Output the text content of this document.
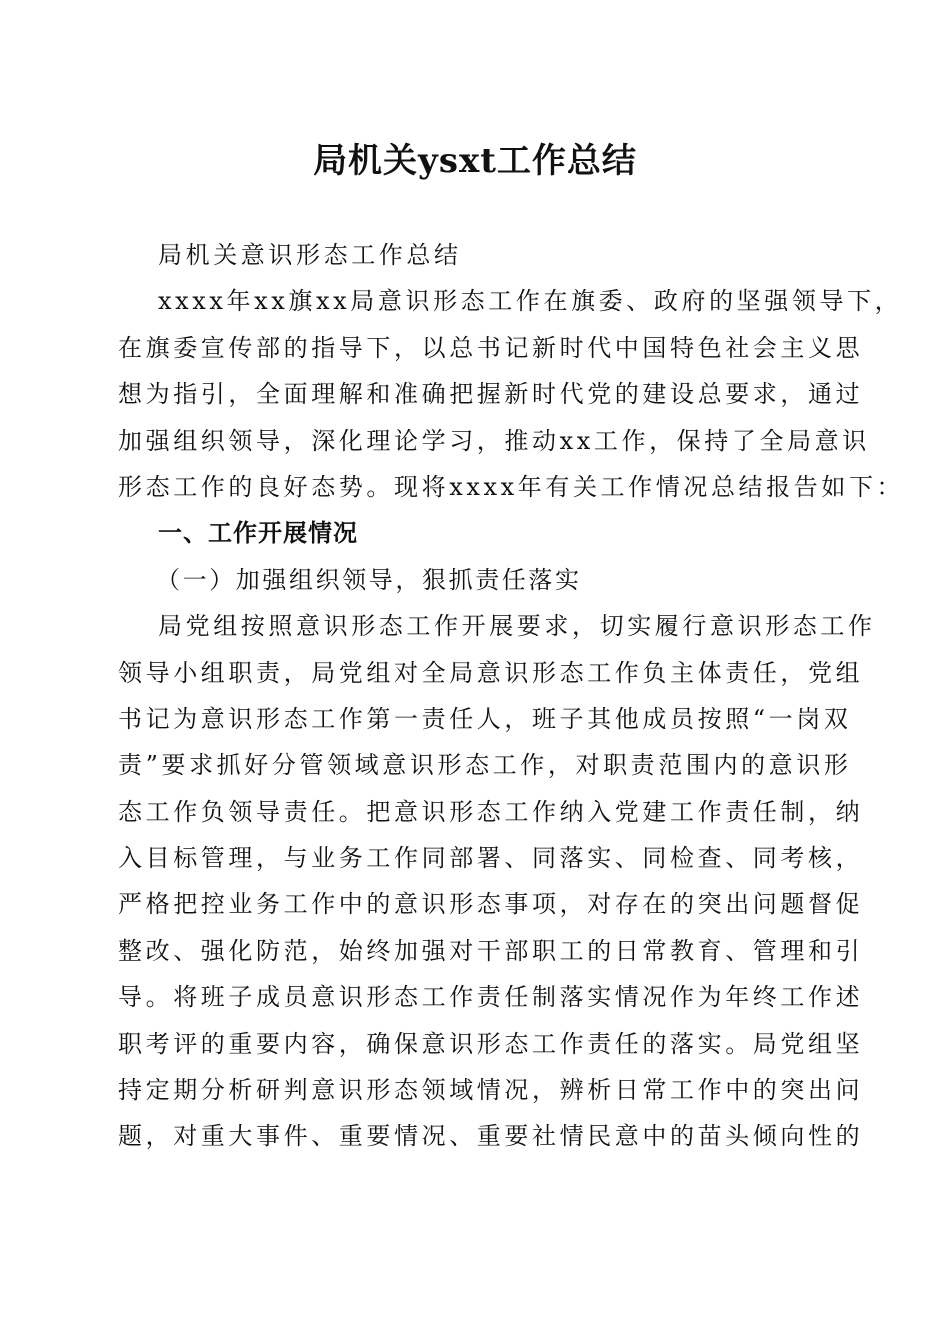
局机关ysxt工作总结
局机关意识形态工作总结
xxxx年xx旗xx局意识形态工作在旗委、政府的坚强领导下，
在旗委宣传部的指导下，以总书记新时代中国特色社会主义思
想为指引，全面理解和准确把握新时代党的建设总要求，通过
加强组织领导，深化理论学习，推动xx工作，保持了全局意识
形态工作的良好态势。现将xxxx年有关工作情况总结报告如下：
一、工作开展情况
（一）加强组织领导，狠抓责任落实
局党组按照意识形态工作开展要求，切实履行意识形态工作
领导小组职责，局党组对全局意识形态工作负主体责任，党组
书记为意识形态工作第一责任人，班子其他成员按照“一岗双
责”要求抓好分管领域意识形态工作，对职责范围内的意识形
态工作负领导责任。把意识形态工作纳入党建工作责任制，纳
入目标管理，与业务工作同部署、同落实、同检查、同考核，
严格把控业务工作中的意识形态事项，对存在的突出问题督促
整改、强化防范，始终加强对干部职工的日常教育、管理和引
导。将班子成员意识形态工作责任制落实情况作为年终工作述
职考评的重要内容，确保意识形态工作责任的落实。局党组坚
持定期分析研判意识形态领域情况，辨析日常工作中的突出问
题，对重大事件、重要情况、重要社情民意中的苗头倾向性的
